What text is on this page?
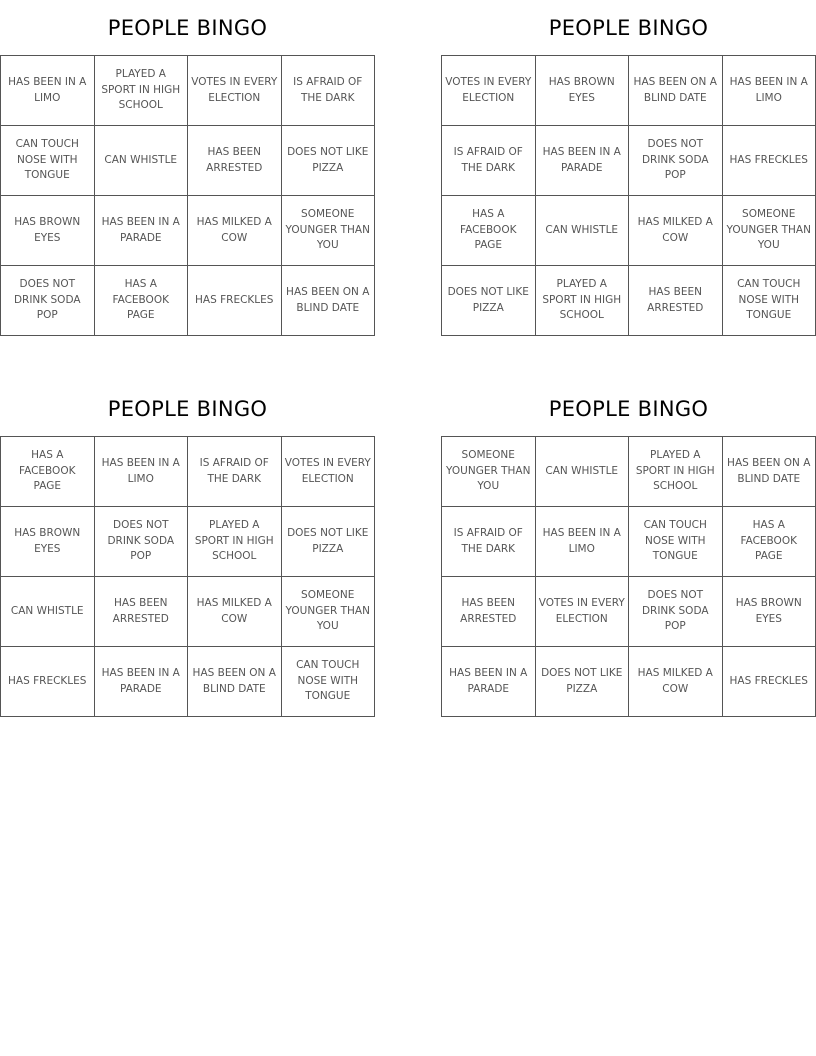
PEOPLE BINGO
HAS BEEN IN A LIMO
PLAYED A SPORT IN HIGH SCHOOL
VOTES IN EVERY ELECTION
IS AFRAID OF THE DARK
CAN TOUCH NOSE WITH TONGUE
CAN WHISTLE
HAS BEEN ARRESTED
DOES NOT LIKE PIZZA
HAS BROWN EYES
HAS BEEN IN A PARADE
HAS MILKED A COW
SOMEONE YOUNGER THAN YOU
DOES NOT DRINK SODA POP
HAS A FACEBOOK PAGE
HAS FRECKLES
HAS BEEN ON A BLIND DATE
PEOPLE BINGO
VOTES IN EVERY ELECTION
HAS BROWN EYES
HAS BEEN ON A BLIND DATE
HAS BEEN IN A LIMO
IS AFRAID OF THE DARK
HAS BEEN IN A PARADE
DOES NOT DRINK SODA POP
HAS FRECKLES
HAS A FACEBOOK PAGE
CAN WHISTLE
HAS MILKED A COW
SOMEONE YOUNGER THAN YOU
DOES NOT LIKE PIZZA
PLAYED A SPORT IN HIGH SCHOOL
HAS BEEN ARRESTED
CAN TOUCH NOSE WITH TONGUE
PEOPLE BINGO
HAS A FACEBOOK PAGE
HAS BEEN IN A LIMO
IS AFRAID OF THE DARK
VOTES IN EVERY ELECTION
HAS BROWN EYES
DOES NOT DRINK SODA POP
PLAYED A SPORT IN HIGH SCHOOL
DOES NOT LIKE PIZZA
CAN WHISTLE
HAS BEEN ARRESTED
HAS MILKED A COW
SOMEONE YOUNGER THAN YOU
HAS FRECKLES
HAS BEEN IN A PARADE
HAS BEEN ON A BLIND DATE
CAN TOUCH NOSE WITH TONGUE
PEOPLE BINGO
SOMEONE YOUNGER THAN YOU
CAN WHISTLE
PLAYED A SPORT IN HIGH SCHOOL
HAS BEEN ON A BLIND DATE
IS AFRAID OF THE DARK
HAS BEEN IN A LIMO
CAN TOUCH NOSE WITH TONGUE
HAS A FACEBOOK PAGE
HAS BEEN ARRESTED
VOTES IN EVERY ELECTION
DOES NOT DRINK SODA POP
HAS BROWN EYES
HAS BEEN IN A PARADE
DOES NOT LIKE PIZZA
HAS MILKED A COW
HAS FRECKLES
